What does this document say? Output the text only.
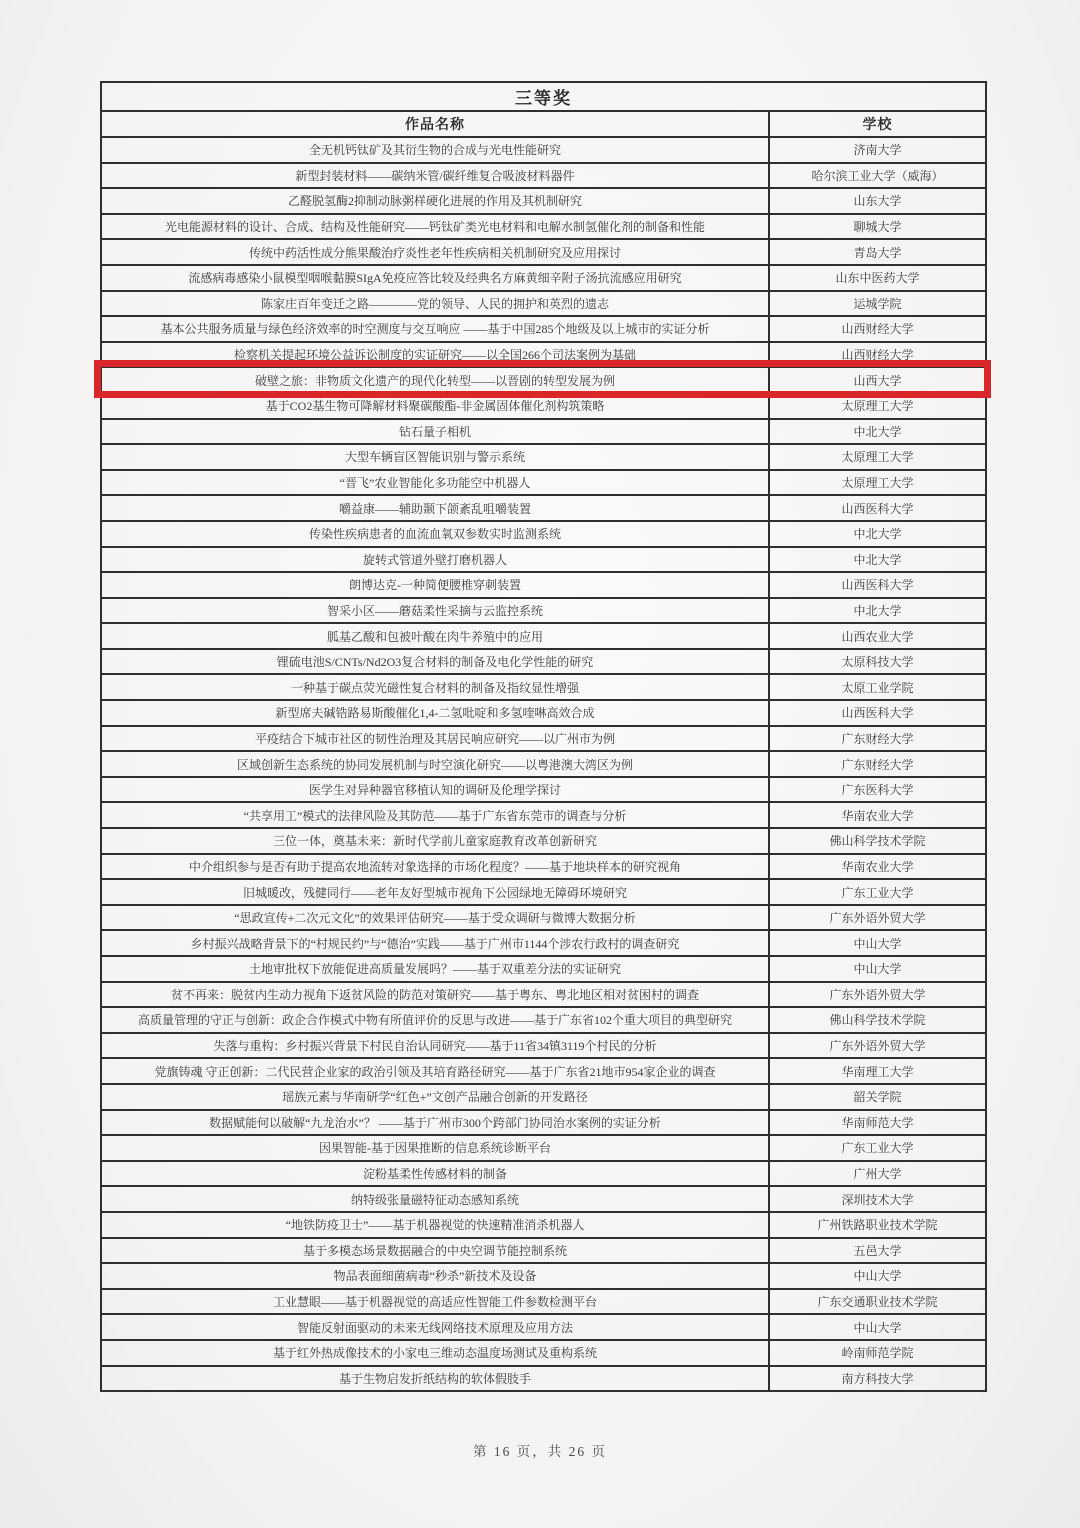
三等奖	
作品名称	学校
全无机钙钛矿及其衍生物的合成与光电性能研究	济南大学
新型封装材料——碳纳米管/碳纤维复合吸波材料器件	哈尔滨工业大学（威海）
乙醛脱氢酶2抑制动脉粥样硬化进展的作用及其机制研究	山东大学
光电能源材料的设计、合成、结构及性能研究——钙钛矿类光电材料和电解水制氢催化剂的制备和性能	聊城大学
传统中药活性成分熊果酸治疗炎性老年性疾病相关机制研究及应用探讨	青岛大学
流感病毒感染小鼠模型咽喉黏膜SIgA免疫应答比较及经典名方麻黄细辛附子汤抗流感应用研究	山东中医药大学
陈家庄百年变迁之路————党的领导、人民的拥护和英烈的遗志	运城学院
基本公共服务质量与绿色经济效率的时空测度与交互响应 ——基于中国285个地级及以上城市的实证分析	山西财经大学
检察机关提起环境公益诉讼制度的实证研究——以全国266个司法案例为基础	山西财经大学
破壁之旅：非物质文化遗产的现代化转型——以晋剧的转型发展为例	山西大学
基于CO2基生物可降解材料聚碳酸酯-非金属固体催化剂构筑策略	太原理工大学
钻石量子相机	中北大学
大型车辆盲区智能识别与警示系统	太原理工大学
“晋飞”农业智能化多功能空中机器人	太原理工大学
嚼益康——辅助颞下颌紊乱咀嚼装置	山西医科大学
传染性疾病患者的血流血氧双参数实时监测系统	中北大学
旋转式管道外壁打磨机器人	中北大学
朗博达克-一种简便腰椎穿刺装置	山西医科大学
智采小区——蘑菇柔性采摘与云监控系统	中北大学
胍基乙酸和包被叶酸在肉牛养殖中的应用	山西农业大学
锂硫电池S/CNTs/Nd2O3复合材料的制备及电化学性能的研究	太原科技大学
一种基于碳点荧光磁性复合材料的制备及指纹显性增强	太原工业学院
新型席夫碱锆路易斯酸催化1,4-二氢吡啶和多氢喹啉高效合成	山西医科大学
平疫结合下城市社区的韧性治理及其居民响应研究——以广州市为例	广东财经大学
区域创新生态系统的协同发展机制与时空演化研究——以粤港澳大湾区为例	广东财经大学
医学生对异种器官移植认知的调研及伦理学探讨	广东医科大学
“共享用工”模式的法律风险及其防范——基于广东省东莞市的调查与分析	华南农业大学
三位一体，奠基未来：新时代学前儿童家庭教育改革创新研究	佛山科学技术学院
中介组织参与是否有助于提高农地流转对象选择的市场化程度？——基于地块样本的研究视角	华南农业大学
旧城暖改，残健同行——老年友好型城市视角下公园绿地无障碍环境研究	广东工业大学
“思政宣传+二次元文化”的效果评估研究——基于受众调研与微博大数据分析	广东外语外贸大学
乡村振兴战略背景下的“村规民约”与“德治”实践——基于广州市1144个涉农行政村的调查研究	中山大学
土地审批权下放能促进高质量发展吗？——基于双重差分法的实证研究	中山大学
贫不再来：脱贫内生动力视角下返贫风险的防范对策研究——基于粤东、粤北地区相对贫困村的调查	广东外语外贸大学
高质量管理的守正与创新：政企合作模式中物有所值评价的反思与改进——基于广东省102个重大项目的典型研究	佛山科学技术学院
失落与重构：乡村振兴背景下村民自治认同研究——基于11省34镇3119个村民的分析	广东外语外贸大学
党旗铸魂 守正创新：二代民营企业家的政治引领及其培育路径研究——基于广东省21地市954家企业的调查	华南理工大学
瑶族元素与华南研学“红色+”文创产品融合创新的开发路径	韶关学院
数据赋能何以破解“九龙治水”？ ——基于广州市300个跨部门协同治水案例的实证分析	华南师范大学
因果智能-基于因果推断的信息系统诊断平台	广东工业大学
淀粉基柔性传感材料的制备	广州大学
纳特级张量磁特征动态感知系统	深圳技术大学
“地铁防疫卫士”——基于机器视觉的快速精准消杀机器人	广州铁路职业技术学院
基于多模态场景数据融合的中央空调节能控制系统	五邑大学
物品表面细菌病毒“秒杀”新技术及设备	中山大学
工业慧眼——基于机器视觉的高适应性智能工件参数检测平台	广东交通职业技术学院
智能反射面驱动的未来无线网络技术原理及应用方法	中山大学
基于红外热成像技术的小家电三维动态温度场测试及重构系统	岭南师范学院
基于生物启发折纸结构的软体假肢手	南方科技大学
第 16 页，共 26 页
